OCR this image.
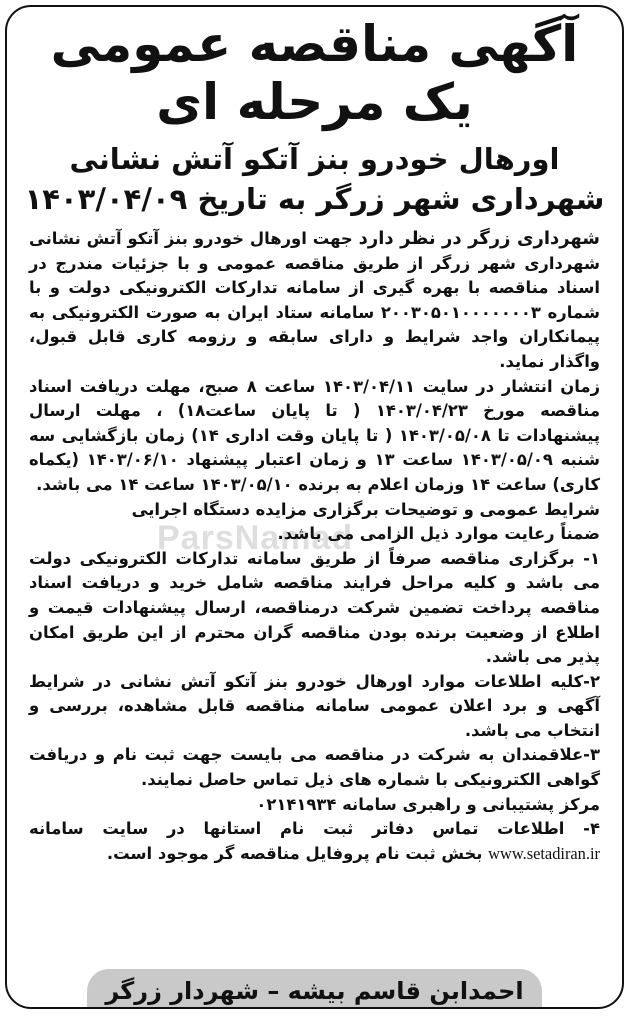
آگهی مناقصه عمومی
یک مرحله ای
اورهال خودرو بنز آتکو آتش نشانی
شهرداری شهر زرگر به تاریخ ۱۴۰۳/۰۴/۰۹

شهرداری زرگر در نظر دارد جهت اورهال خودرو بنز آتکو آتش نشانی شهرداری شهر زرگر از طریق مناقصه عمومی و با جزئیات مندرج در اسناد مناقصه با بهره گیری از سامانه تدارکات الکترونیکی دولت و با شماره ۲۰۰۳۰۵۰۱۰۰۰۰۰۰۰۳ سامانه ستاد ایران به صورت الکترونیکی به پیمانکاران واجد شرایط و دارای سابقه و رزومه کاری قابل قبول، واگذار نماید.

زمان انتشار در سایت ۱۴۰۳/۰۴/۱۱ ساعت ۸ صبح، مهلت دریافت اسناد مناقصه مورخ ۱۴۰۳/۰۴/۲۳ ( تا پایان ساعت۱۸) ، مهلت ارسال پیشنهادات تا ۱۴۰۳/۰۵/۰۸ ( تا پایان وقت اداری ۱۴) زمان بازگشایی سه شنبه ۱۴۰۳/۰۵/۰۹ ساعت ۱۳ و زمان اعتبار پیشنهاد ۱۴۰۳/۰۶/۱۰ (یکماه کاری) ساعت ۱۴ وزمان اعلام به برنده ۱۴۰۳/۰۵/۱۰ ساعت ۱۴ می باشد.

شرایط عمومی و توضیحات برگزاری مزایده دستگاه اجرایی

ضمناً رعایت موارد ذیل الزامی می باشد.

۱- برگزاری مناقصه صرفاً از طریق سامانه تدارکات الکترونیکی دولت می باشد و کلیه مراحل فرایند مناقصه شامل خرید و دریافت اسناد مناقصه پرداخت تضمین شرکت درمناقصه، ارسال پیشنهادات قیمت و اطلاع از وضعیت برنده بودن مناقصه گران محترم از این طریق امکان پذیر می باشد.

۲-کلیه اطلاعات موارد اورهال خودرو بنز آتکو آتش نشانی در شرایط آگهی و برد اعلان عمومی سامانه مناقصه قابل مشاهده، بررسی و انتخاب می باشد.

۳-علاقمندان به شرکت در مناقصه می بایست جهت ثبت نام و دریافت گواهی الکترونیکی با شماره های ذیل تماس حاصل نمایند.

مرکز پشتیبانی و راهبری سامانه ۰۲۱۴۱۹۳۴

۴- اطلاعات تماس دفاتر ثبت نام استانها در سایت سامانه www.setadiran.ir بخش ثبت نام پروفایل مناقصه گر موجود است.

ParsNamad
احمدابن قاسم بیشه – شهردار زرگر
